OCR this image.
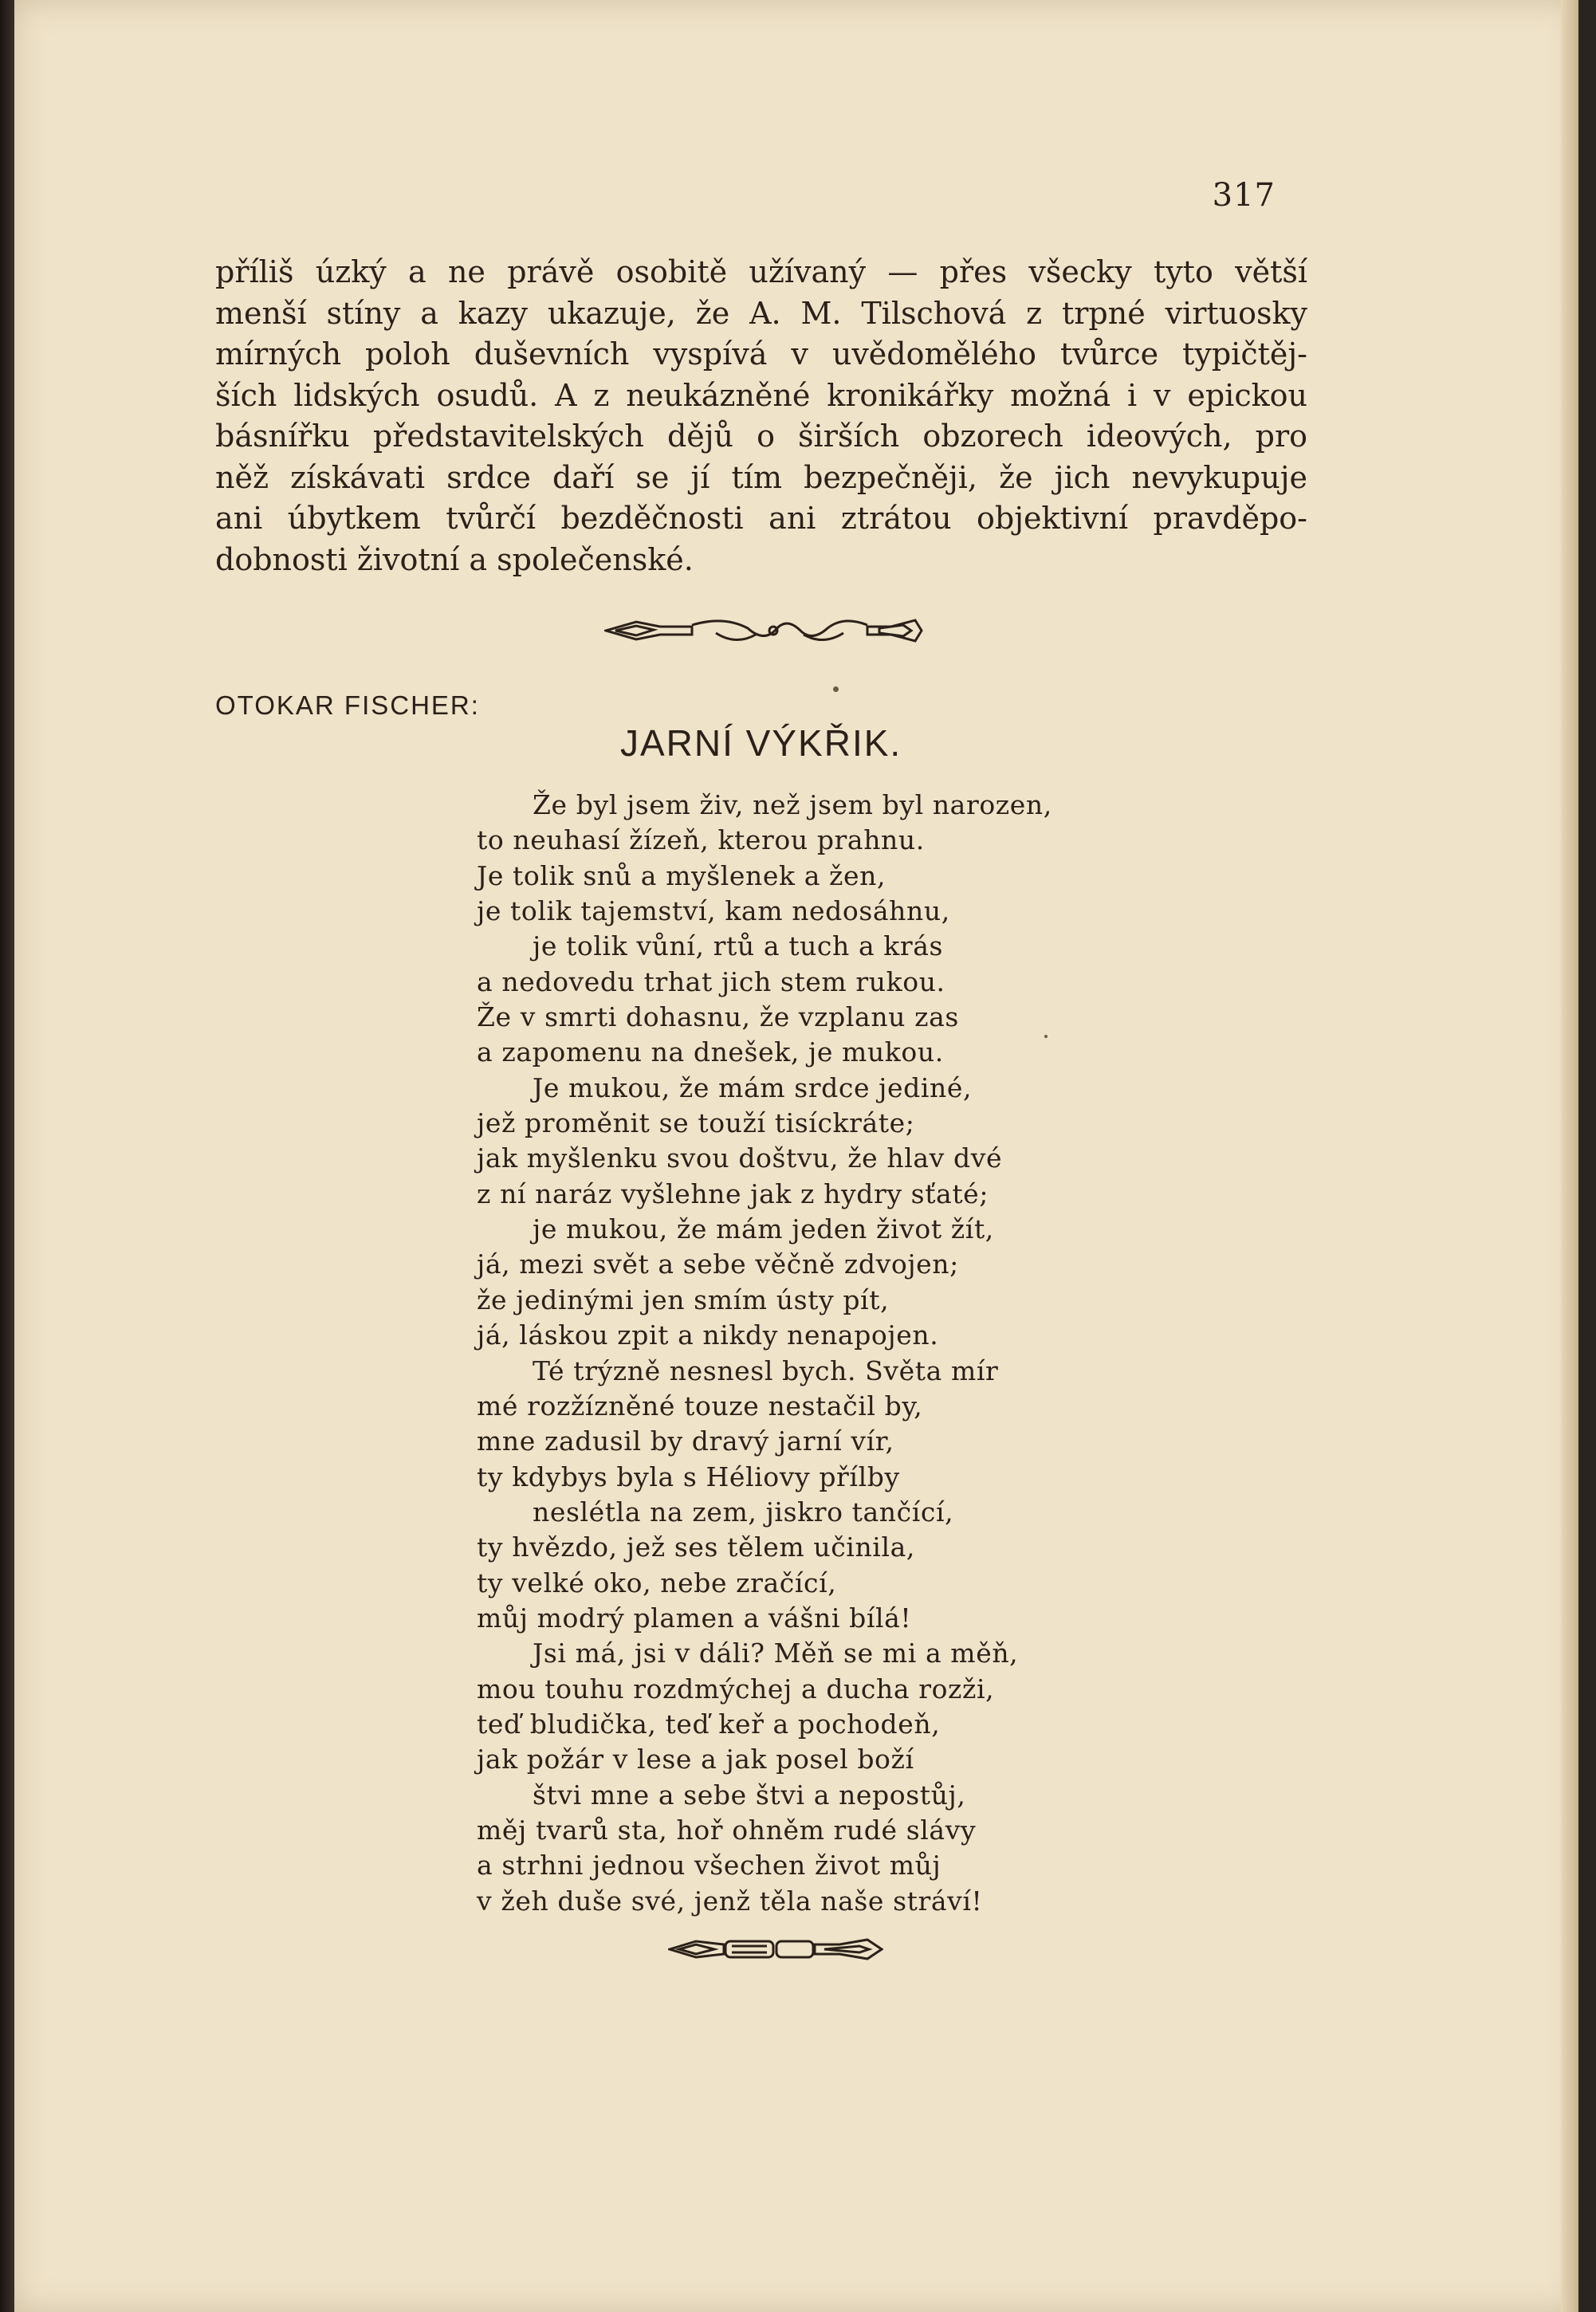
317
příliš úzký a ne právě osobitě užívaný — přes všecky tyto větší
menší stíny a kazy ukazuje, že A. M. Tilschová z trpné virtuosky
mírných poloh duševních vyspívá v uvědomělého tvůrce typičtěj-
ších lidských osudů. A z neukázněné kronikářky možná i v epickou
básnířku představitelských dějů o širších obzorech ideových, pro
něž získávati srdce daří se jí tím bezpečněji, že jich nevykupuje
ani úbytkem tvůrčí bezděčnosti ani ztrátou objektivní pravděpo-
dobnosti životní a společenské.
OTOKAR FISCHER:
JARNÍ VÝKŘIK.
Že byl jsem živ, než jsem byl narozen,
to neuhasí žízeň, kterou prahnu.
Je tolik snů a myšlenek a žen,
je tolik tajemství, kam nedosáhnu,
je tolik vůní, rtů a tuch a krás
a nedovedu trhat jich stem rukou.
Že v smrti dohasnu, že vzplanu zas
a zapomenu na dnešek, je mukou.
Je mukou, že mám srdce jediné,
jež proměnit se touží tisíckráte;
jak myšlenku svou doštvu, že hlav dvé
z ní naráz vyšlehne jak z hydry sťaté;
je mukou, že mám jeden život žít,
já, mezi svět a sebe věčně zdvojen;
že jedinými jen smím ústy pít,
já, láskou zpit a nikdy nenapojen.
Té trýzně nesnesl bych. Světa mír
mé rozžízněné touze nestačil by,
mne zadusil by dravý jarní vír,
ty kdybys byla s Héliovy přílby
neslétla na zem, jiskro tančící,
ty hvězdo, jež ses tělem učinila,
ty velké oko, nebe zračící,
můj modrý plamen a vášni bílá!
Jsi má, jsi v dáli? Měň se mi a měň,
mou touhu rozdmýchej a ducha rozži,
teď bludička, teď keř a pochodeň,
jak požár v lese a jak posel boží
štvi mne a sebe štvi a nepostůj,
měj tvarů sta, hoř ohněm rudé slávy
a strhni jednou všechen život můj
v žeh duše své, jenž těla naše stráví!
